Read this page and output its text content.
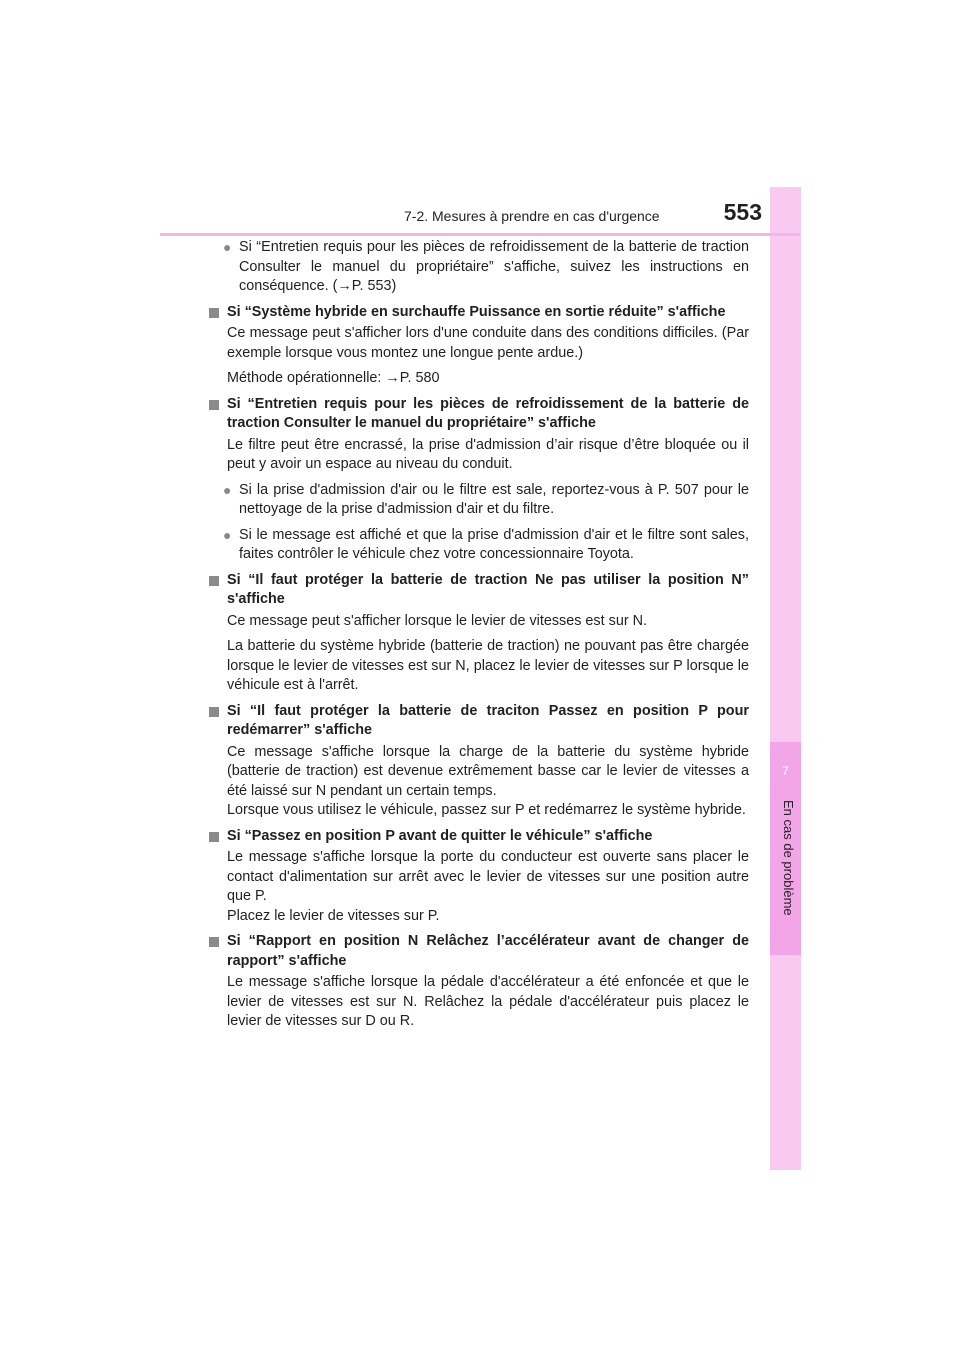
7
En cas de problème
7-2. Mesures à prendre en cas d'urgence	553
● Si “Entretien requis pour les pièces de refroidissement de la batterie de traction Consulter le manuel du propriétaire” s'affiche, suivez les instructions en conséquence. (→P. 553)
Si “Système hybride en surchauffe Puissance en sortie réduite” s'affiche
Ce message peut s'afficher lors d'une conduite dans des conditions difficiles. (Par exemple lorsque vous montez une longue pente ardue.)
Méthode opérationnelle: →P. 580
Si “Entretien requis pour les pièces de refroidissement de la batterie de traction Consulter le manuel du propriétaire” s'affiche
Le filtre peut être encrassé, la prise d'admission d’air risque d’être bloquée ou il peut y avoir un espace au niveau du conduit.
● Si la prise d'admission d'air ou le filtre est sale, reportez-vous à P. 507 pour le nettoyage de la prise d'admission d'air et du filtre.
● Si le message est affiché et que la prise d'admission d'air et le filtre sont sales, faites contrôler le véhicule chez votre concessionnaire Toyota.
Si “Il faut protéger la batterie de traction Ne pas utiliser la position N” s'affiche
Ce message peut s'afficher lorsque le levier de vitesses est sur N.
La batterie du système hybride (batterie de traction) ne pouvant pas être chargée lorsque le levier de vitesses est sur N, placez le levier de vitesses sur P lorsque le véhicule est à l'arrêt.
Si “Il faut protéger la batterie de traciton Passez en position P pour redémarrer” s'affiche
Ce message s'affiche lorsque la charge de la batterie du système hybride (batterie de traction) est devenue extrêmement basse car le levier de vitesses a été laissé sur N pendant un certain temps.
Lorsque vous utilisez le véhicule, passez sur P et redémarrez le système hybride.
Si “Passez en position P avant de quitter le véhicule” s'affiche
Le message s'affiche lorsque la porte du conducteur est ouverte sans placer le contact d'alimentation sur arrêt avec le levier de vitesses sur une position autre que P.
Placez le levier de vitesses sur P.
Si “Rapport en position N Relâchez l’accélérateur avant de changer de rapport” s'affiche
Le message s'affiche lorsque la pédale d'accélérateur a été enfoncée et que le levier de vitesses est sur N. Relâchez la pédale d'accélérateur puis placez le levier de vitesses sur D ou R.
